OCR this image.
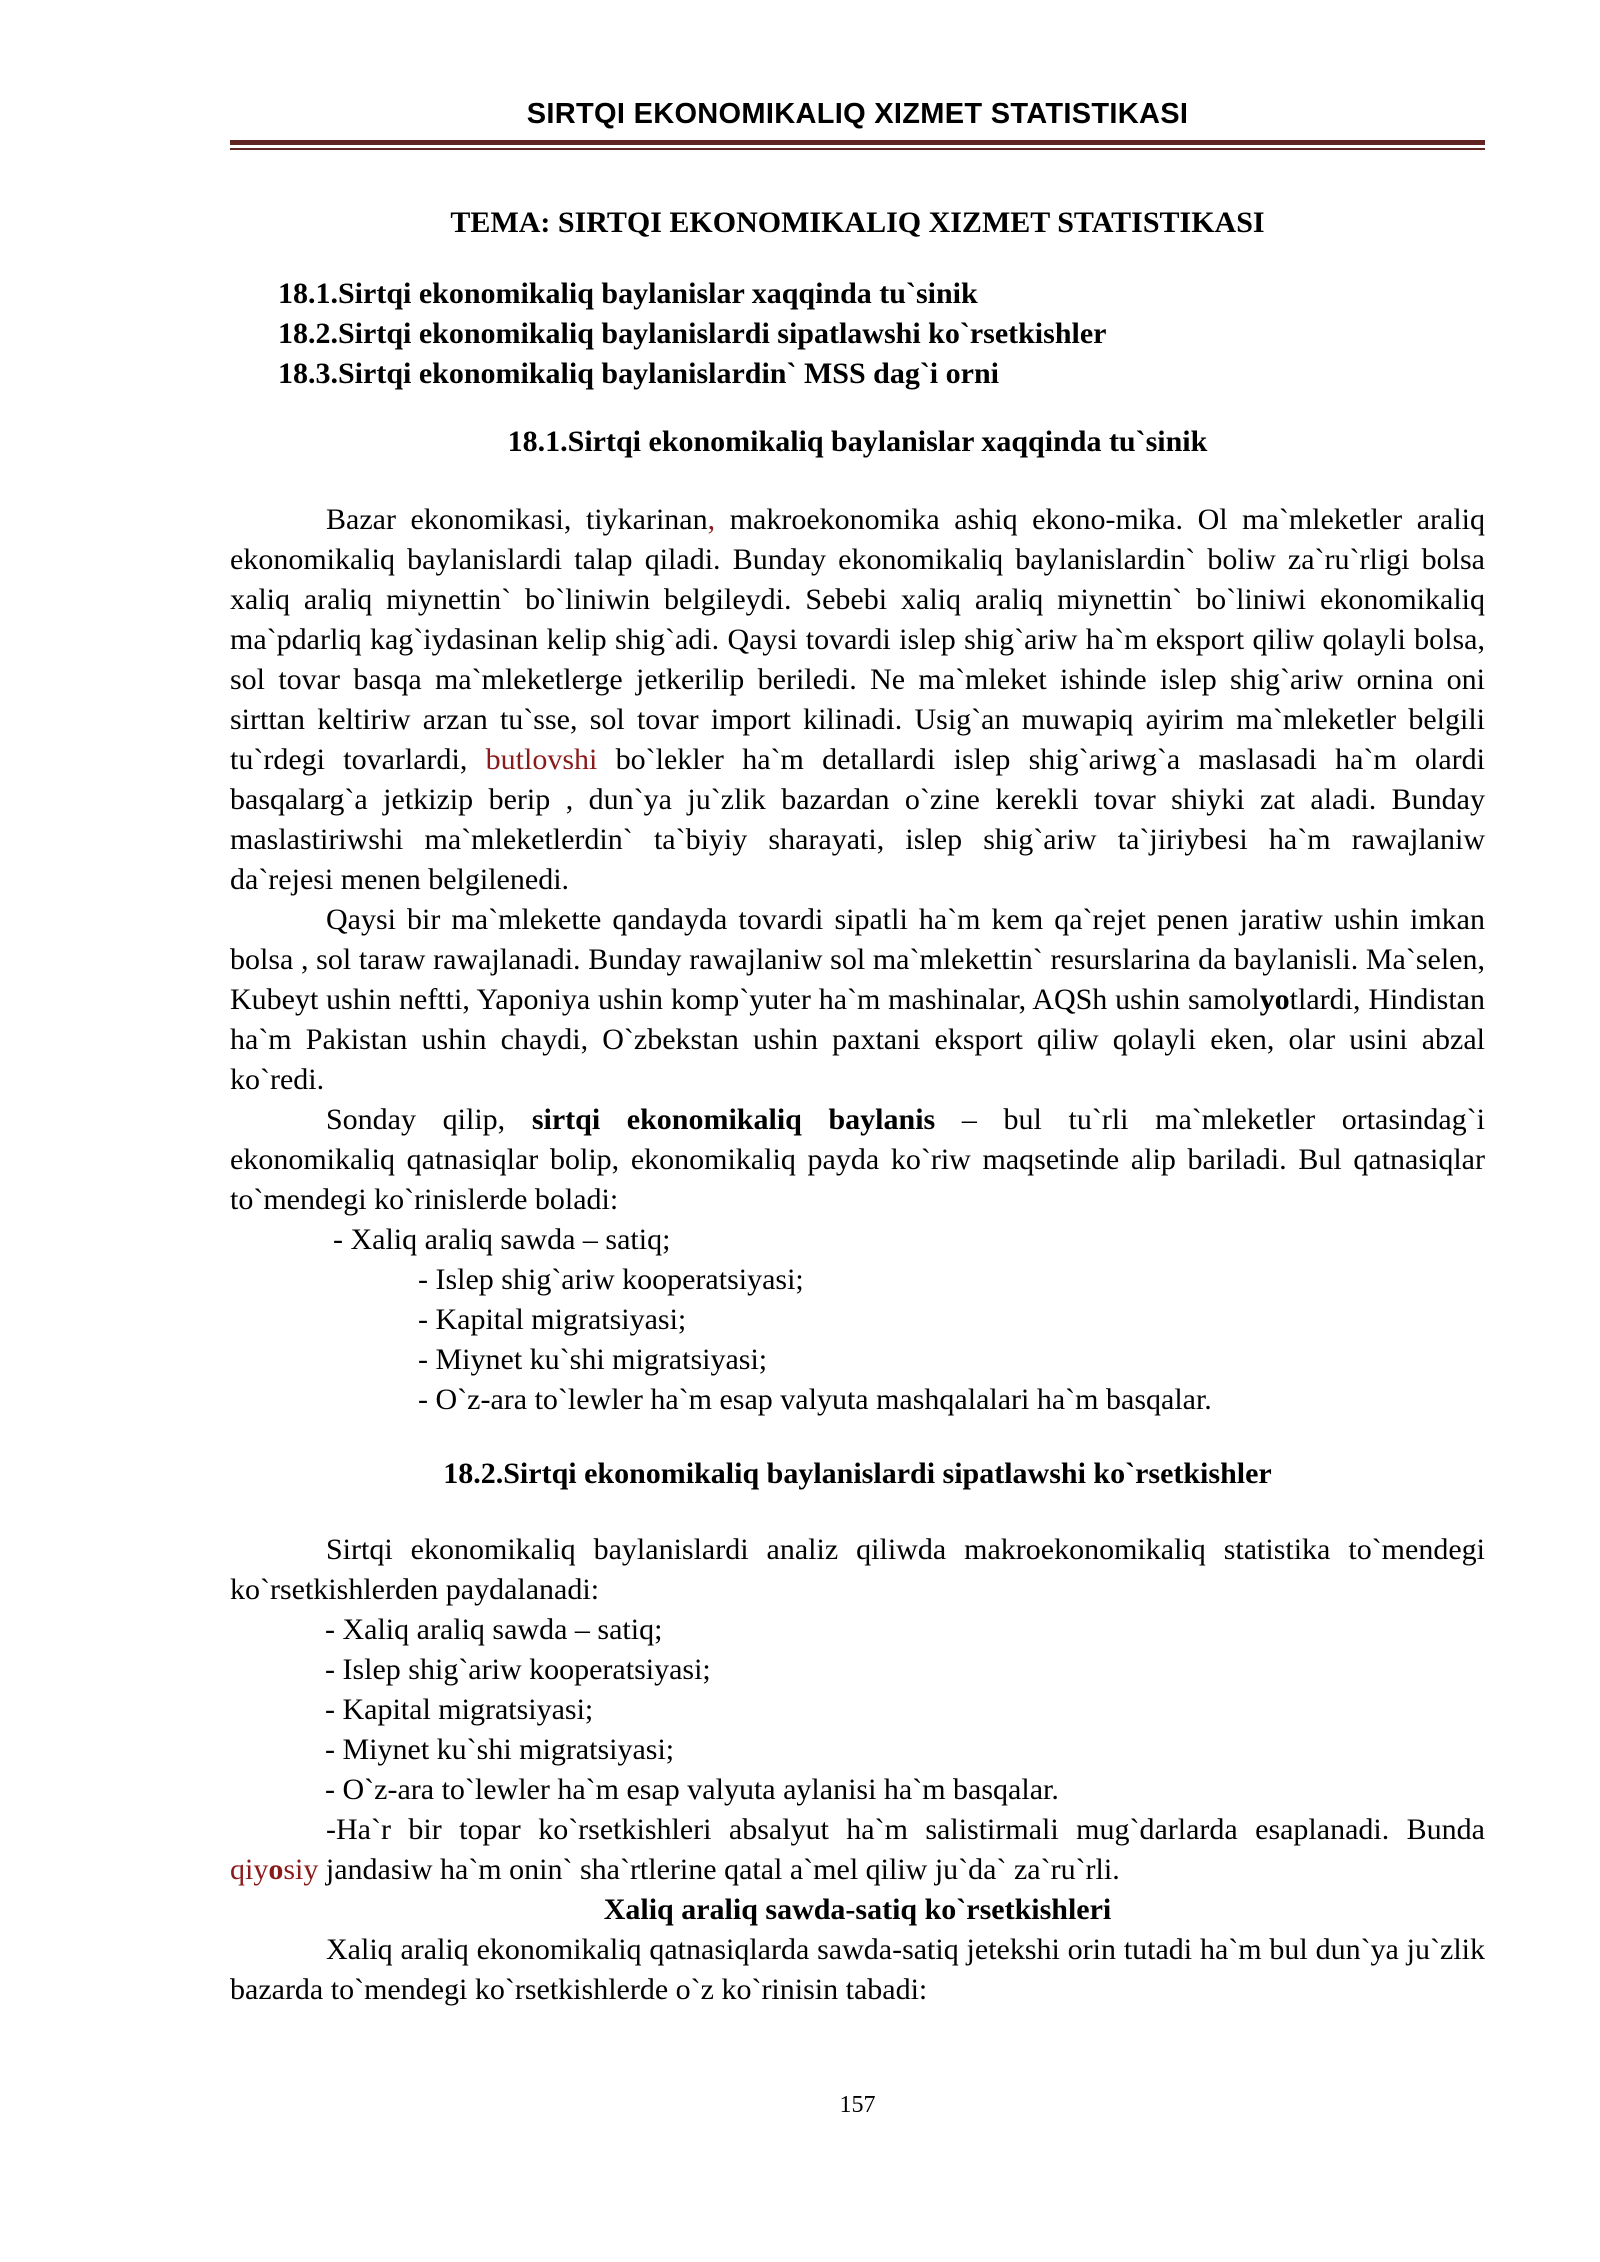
SIRTQI EKONOMIKALIQ XIZMET STATISTIKASI
TEMA: SIRTQI EKONOMIKALIQ XIZMET STATISTIKASI
18.1.Sirtqi ekonomikaliq baylanislar xaqqinda tu`sinik
18.2.Sirtqi ekonomikaliq baylanislardi sipatlawshi ko`rsetkishler
18.3.Sirtqi ekonomikaliq baylanislardin` MSS dag`i orni
18.1.Sirtqi ekonomikaliq baylanislar xaqqinda tu`sinik

Bazar ekonomikasi, tiykarinan, makroekonomika ashiq ekono-mika. Ol ma`mleketler araliq ekonomikaliq baylanislardi talap qiladi. Bunday ekonomikaliq baylanislardin` boliw za`ru`rligi bolsa xaliq araliq miynettin` bo`liniwin belgileydi. Sebebi xaliq araliq miynettin` bo`liniwi ekonomikaliq ma`pdarliq kag`iydasinan kelip shig`adi. Qaysi tovardi islep shig`ariw ha`m eksport qiliw qolayli bolsa, sol tovar basqa ma`mleketlerge jetkerilip beriledi. Ne ma`mleket ishinde islep shig`ariw ornina oni sirttan keltiriw arzan tu`sse, sol tovar import kilinadi. Usig`an muwapiq ayirim ma`mleketler belgili tu`rdegi tovarlardi, butlovshi bo`lekler ha`m detallardi islep shig`ariwg`a maslasadi ha`m olardi basqalarg`a jetkizip berip , dun`ya ju`zlik bazardan o`zine kerekli tovar shiyki zat aladi. Bunday maslastiriwshi ma`mleketlerdin` ta`biyiy sharayati, islep shig`ariw ta`jiriybesi ha`m rawajlaniw da`rejesi menen belgilenedi.

Qaysi bir ma`mlekette qandayda tovardi sipatli ha`m kem qa`rejet penen jaratiw ushin imkan bolsa , sol taraw rawajlanadi. Bunday rawajlaniw sol ma`mlekettin` resurslarina da baylanisli. Ma`selen, Kubeyt ushin neftti, Yaponiya ushin komp`yuter ha`m mashinalar, AQSh ushin samolyotlardi, Hindistan ha`m Pakistan ushin chaydi, O`zbekstan ushin paxtani eksport qiliw qolayli eken, olar usini abzal ko`redi.

Sonday qilip, sirtqi ekonomikaliq baylanis – bul tu`rli ma`mleketler ortasindag`i ekonomikaliq qatnasiqlar bolip, ekonomikaliq payda ko`riw maqsetinde alip bariladi. Bul qatnasiqlar to`mendegi ko`rinislerde boladi:

- Xaliq araliq sawda – satiq;
- Islep shig`ariw kooperatsiyasi;
- Kapital migratsiyasi;
- Miynet ku`shi migratsiyasi;
- O`z-ara to`lewler ha`m esap valyuta mashqalalari ha`m basqalar.
18.2.Sirtqi ekonomikaliq baylanislardi sipatlawshi ko`rsetkishler

Sirtqi ekonomikaliq baylanislardi analiz qiliwda makroekonomikaliq statistika to`mendegi ko`rsetkishlerden paydalanadi:

- Xaliq araliq sawda – satiq;
- Islep shig`ariw kooperatsiyasi;
- Kapital migratsiyasi;
- Miynet ku`shi migratsiyasi;
- O`z-ara to`lewler ha`m esap valyuta aylanisi ha`m basqalar.

-Ha`r bir topar ko`rsetkishleri absalyut ha`m salistirmali mug`darlarda esaplanadi. Bunda qiyosiy jandasiw ha`m onin` sha`rtlerine qatal a`mel qiliw ju`da` za`ru`rli.

Xaliq araliq sawda-satiq ko`rsetkishleri

Xaliq araliq ekonomikaliq qatnasiqlarda sawda-satiq jetekshi orin tutadi ha`m bul dun`ya ju`zlik bazarda to`mendegi ko`rsetkishlerde o`z ko`rinisin tabadi:

157
